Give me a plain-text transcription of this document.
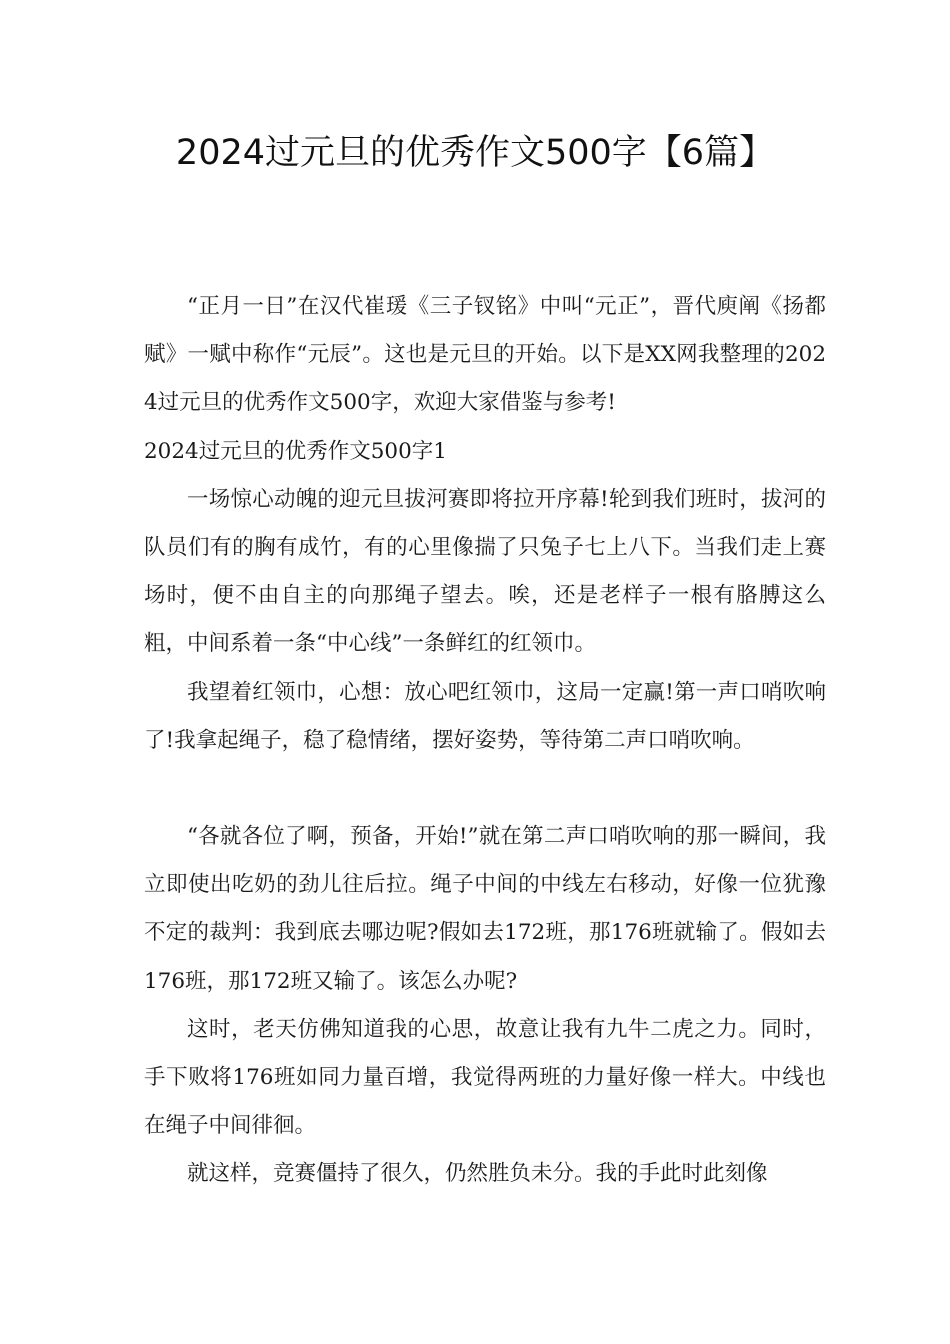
2024过元旦的优秀作文500字【6篇】

“正月一日”在汉代崔瑗《三子钗铭》中叫“元正”，晋代庾阐《扬都赋》一赋中称作“元辰”。这也是元旦的开始。以下是XX网我整理的2024过元旦的优秀作文500字，欢迎大家借鉴与参考!

2024过元旦的优秀作文500字1

一场惊心动魄的迎元旦拔河赛即将拉开序幕!轮到我们班时，拔河的队员们有的胸有成竹，有的心里像揣了只兔子七上八下。当我们走上赛场时，便不由自主的向那绳子望去。唉，还是老样子一根有胳膊这么粗，中间系着一条“中心线”一条鲜红的红领巾。

我望着红领巾，心想：放心吧红领巾，这局一定赢!第一声口哨吹响了!我拿起绳子，稳了稳情绪，摆好姿势，等待第二声口哨吹响。

“各就各位了啊，预备，开始!”就在第二声口哨吹响的那一瞬间，我立即使出吃奶的劲儿往后拉。绳子中间的中线左右移动，好像一位犹豫不定的裁判：我到底去哪边呢?假如去172班，那176班就输了。假如去176班，那172班又输了。该怎么办呢?

这时，老天仿佛知道我的心思，故意让我有九牛二虎之力。同时，手下败将176班如同力量百增，我觉得两班的力量好像一样大。中线也在绳子中间徘徊。

就这样，竞赛僵持了很久，仍然胜负未分。我的手此时此刻像
